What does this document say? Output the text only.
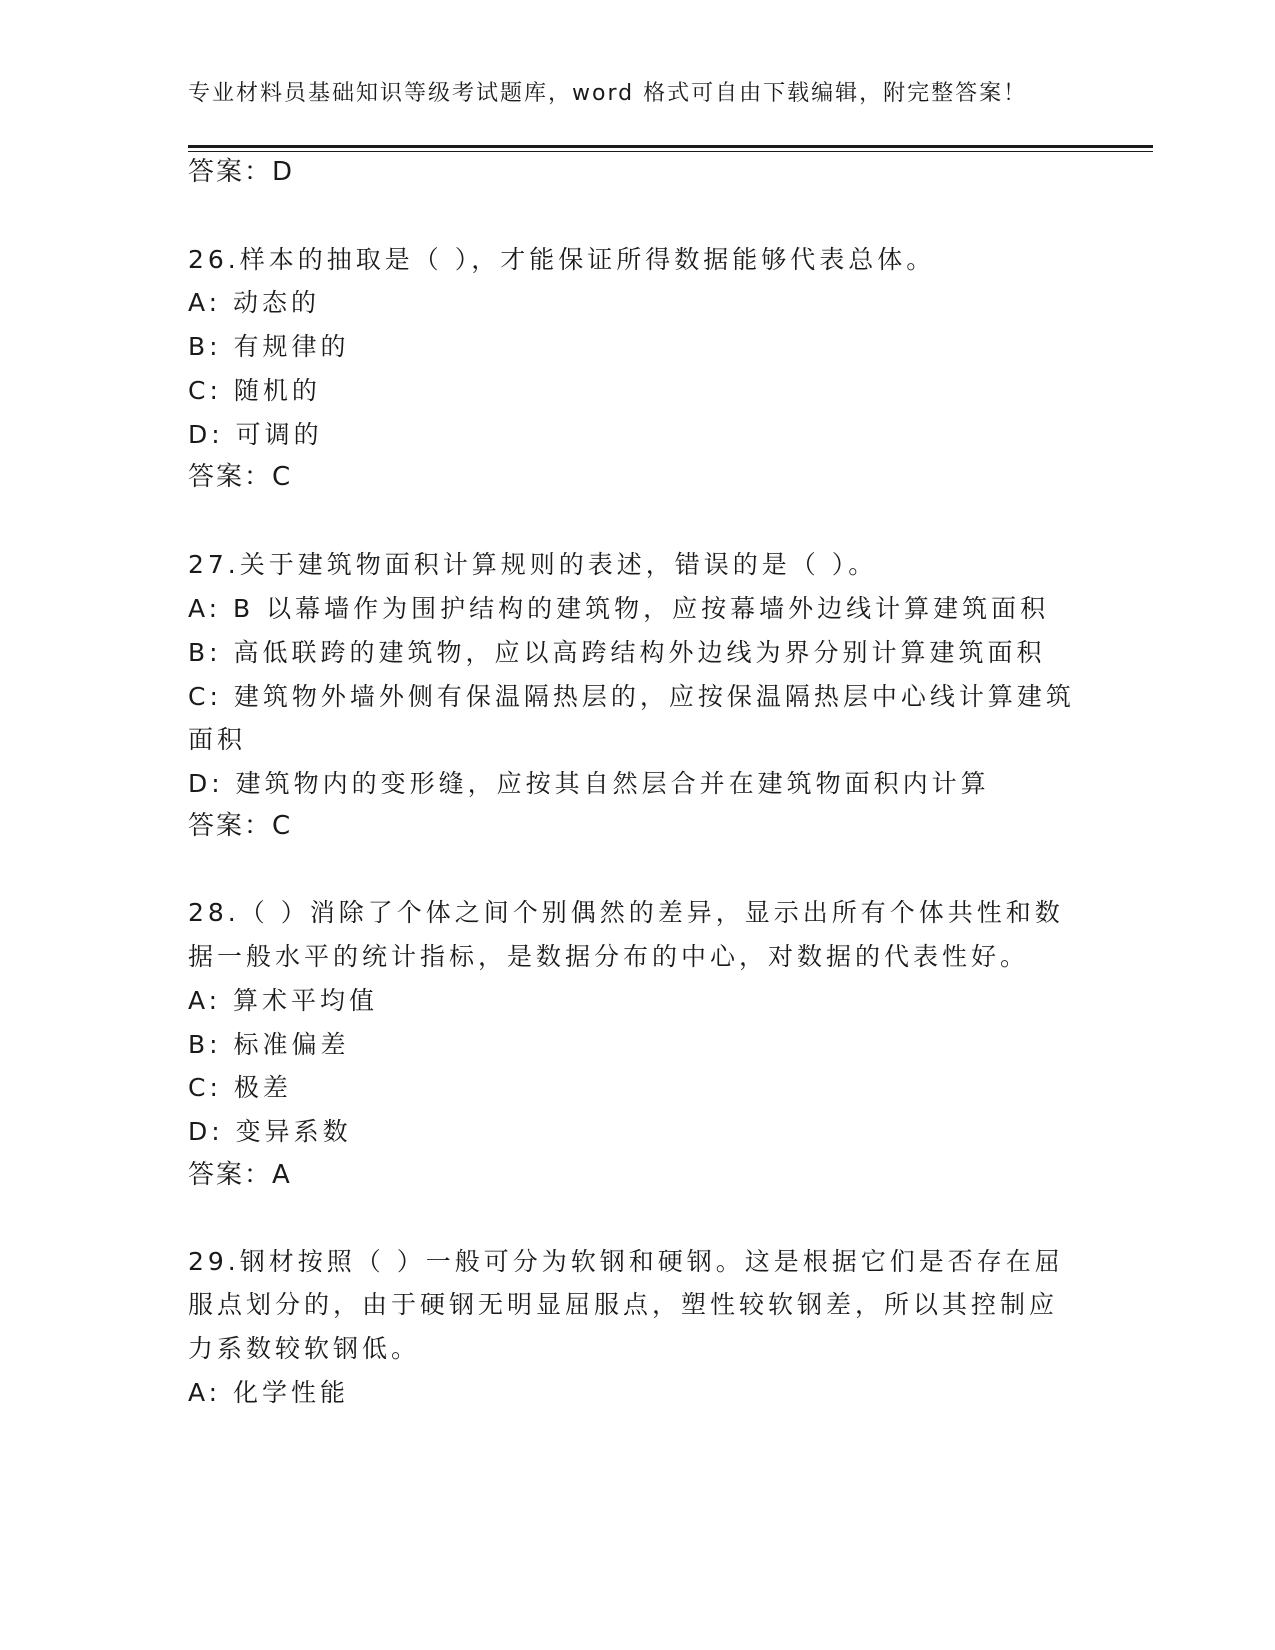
专业材料员基础知识等级考试题库，word 格式可自由下载编辑，附完整答案！
答案：D
26.样本的抽取是（ ），才能保证所得数据能够代表总体。
A: 动态的
B: 有规律的
C: 随机的
D: 可调的
答案：C
27.关于建筑物面积计算规则的表述，错误的是（ ）。
A: B 以幕墙作为围护结构的建筑物，应按幕墙外边线计算建筑面积
B: 高低联跨的建筑物，应以高跨结构外边线为界分别计算建筑面积
C: 建筑物外墙外侧有保温隔热层的，应按保温隔热层中心线计算建筑
面积
D: 建筑物内的变形缝，应按其自然层合并在建筑物面积内计算
答案：C
28.（ ）消除了个体之间个别偶然的差异，显示出所有个体共性和数
据一般水平的统计指标，是数据分布的中心，对数据的代表性好。
A: 算术平均值
B: 标准偏差
C: 极差
D: 变异系数
答案：A
29.钢材按照（ ）一般可分为软钢和硬钢。这是根据它们是否存在屈
服点划分的，由于硬钢无明显屈服点，塑性较软钢差，所以其控制应
力系数较软钢低。
A: 化学性能
